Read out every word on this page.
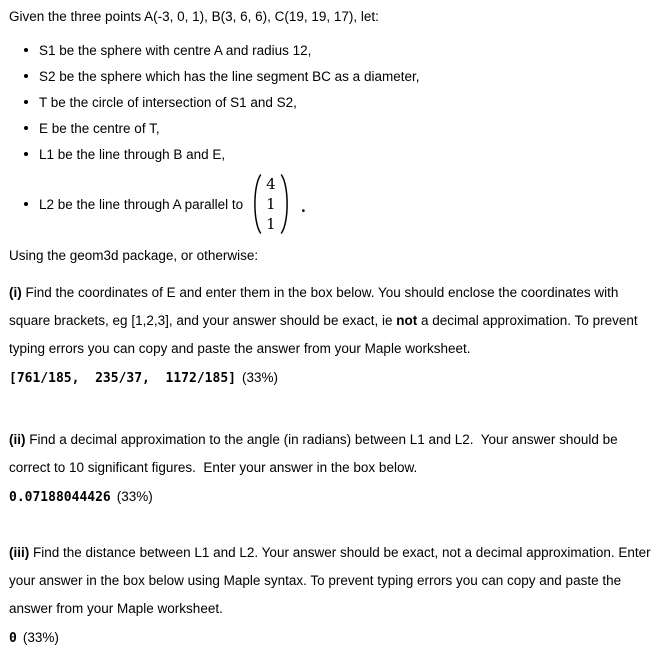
Given the three points A(-3, 0, 1), B(3, 6, 6), C(19, 19, 17), let:

S1 be the sphere with centre A and radius 12,
S2 be the sphere which has the line segment BC as a diameter,
T be the circle of intersection of S1 and S2,
E be the centre of T,
L1 be the line through B and E,
L2 be the line through A parallel to
4
1
1
.

Using the geom3d package, or otherwise:

(i) Find the coordinates of E and enter them in the box below. You should enclose the coordinates with square brackets, eg [1,2,3], and your answer should be exact, ie not a decimal approximation. To prevent typing errors you can copy and paste the answer from your Maple worksheet.

[761/185,  235/37,  1172/185] (33%)

(ii) Find a decimal approximation to the angle (in radians) between L1 and L2.  Your answer should be correct to 10 significant figures.  Enter your answer in the box below.

0.07188044426 (33%)

(iii) Find the distance between L1 and L2. Your answer should be exact, not a decimal approximation. Enter your answer in the box below using Maple syntax. To prevent typing errors you can copy and paste the answer from your Maple worksheet.

0 (33%)
